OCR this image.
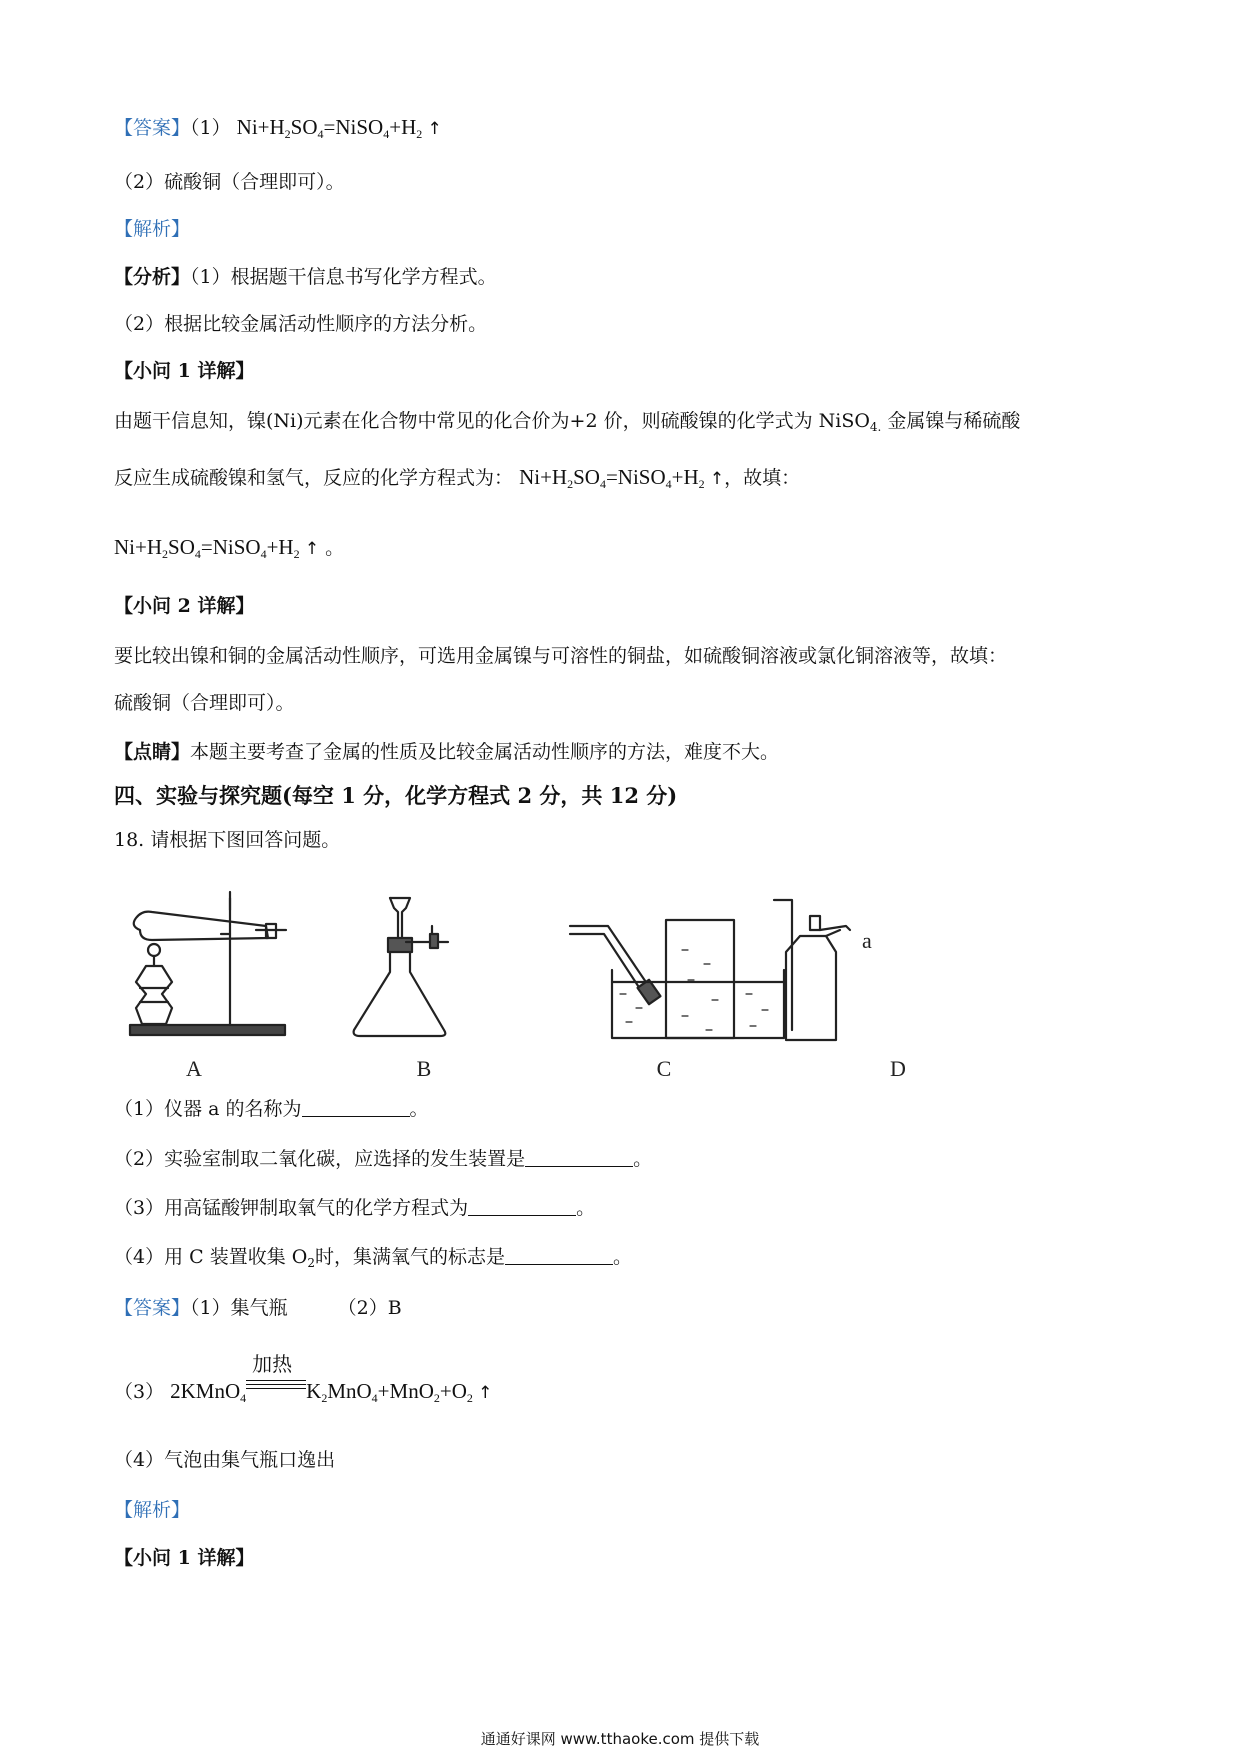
【答案】（1） $Ni+H_2SO_4=NiSO_4+H_2$ ↑
（2）硫酸铜（合理即可）。
【解析】
【分析】（1）根据题干信息书写化学方程式。
（2）根据比较金属活动性顺序的方法分析。
【小问 1 详解】
由题干信息知，镍(Ni)元素在化合物中常见的化合价为+2 价，则硫酸镍的化学式为 NiSO$_{4.}$ 金属镍与稀硫酸
反应生成硫酸镍和氢气，反应的化学方程式为： $Ni+H_2SO_4=NiSO_4+H_2$ ↑，故填：
$Ni+H_2SO_4=NiSO_4+H_2$ ↑ 。
【小问 2 详解】
要比较出镍和铜的金属活动性顺序，可选用金属镍与可溶性的铜盐，如硫酸铜溶液或氯化铜溶液等，故填：
硫酸铜（合理即可）。
【点睛】本题主要考查了金属的性质及比较金属活动性顺序的方法，难度不大。
四、实验与探究题(每空 1 分，化学方程式 2 分，共 12 分)
18. 请根据下图回答问题。
A	B	C	D
a
（1）仪器 a 的名称为	。
（2）实验室制取二氧化碳，应选择的发生装置是	。
（3）用高锰酸钾制取氧气的化学方程式为	。
（4）用 C 装置收集 $O_2$时，集满氧气的标志是	。
【答案】（1）集气瓶	（2）B
（3） 2KMnO$_4$
加热
$K_2MnO_4+MnO_2+O_2$ ↑
（4）气泡由集气瓶口逸出
【解析】
【小问 1 详解】
通通好课网 www.tthaoke.com 提供下载
